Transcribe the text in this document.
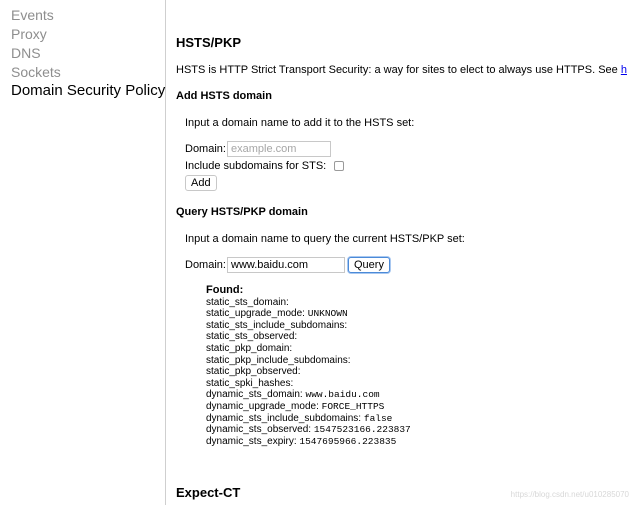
Events
Proxy
DNS
Sockets
Domain Security Policy
HSTS/PKP
HSTS is HTTP Strict Transport Security: a way for sites to elect to always use HTTPS. See h
Add HSTS domain
Input a domain name to add it to the HSTS set:
Domain:
example.com
Include subdomains for STS:
Add
Query HSTS/PKP domain
Input a domain name to query the current HSTS/PKP set:
Domain:
www.baidu.com	Query
Found:
static_sts_domain:
static_upgrade_mode: UNKNOWN
static_sts_include_subdomains:
static_sts_observed:
static_pkp_domain:
static_pkp_include_subdomains:
static_pkp_observed:
static_spki_hashes:
dynamic_sts_domain: www.baidu.com
dynamic_upgrade_mode: FORCE_HTTPS
dynamic_sts_include_subdomains: false
dynamic_sts_observed: 1547523166.223837
dynamic_sts_expiry: 1547695966.223835
Expect-CT	https://blog.csdn.net/u010285070
